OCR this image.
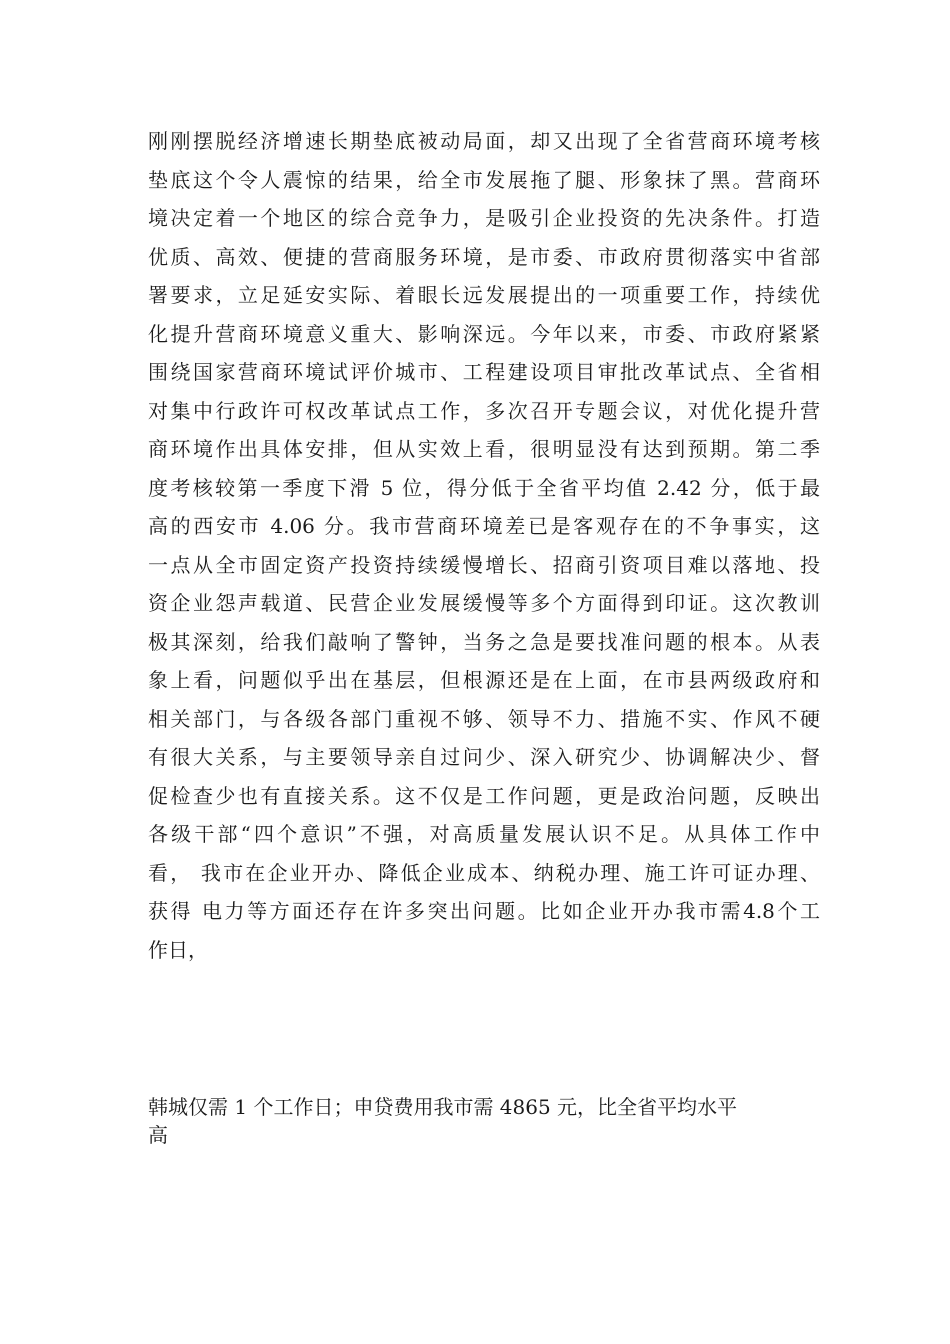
刚刚摆脱经济增速长期垫底被动局面，却又出现了全省营商环境考核
垫底这个令人震惊的结果，给全市发展拖了腿、形象抹了黑。营商环
境决定着一个地区的综合竞争力，是吸引企业投资的先决条件。打造
优质、高效、便捷的营商服务环境，是市委、市政府贯彻落实中省部
署要求，立足延安实际、着眼长远发展提出的一项重要工作，持续优
化提升营商环境意义重大、影响深远。今年以来，市委、市政府紧紧
围绕国家营商环境试评价城市、工程建设项目审批改革试点、全省相
对集中行政许可权改革试点工作，多次召开专题会议，对优化提升营
商环境作出具体安排，但从实效上看，很明显没有达到预期。第二季
度考核较第一季度下滑 5 位，得分低于全省平均值 2.42 分，低于最
高的西安市 4.06 分。我市营商环境差已是客观存在的不争事实，这
一点从全市固定资产投资持续缓慢增长、招商引资项目难以落地、投
资企业怨声载道、民营企业发展缓慢等多个方面得到印证。这次教训
极其深刻，给我们敲响了警钟，当务之急是要找准问题的根本。从表
象上看，问题似乎出在基层，但根源还是在上面，在市县两级政府和
相关部门，与各级各部门重视不够、领导不力、措施不实、作风不硬
有很大关系，与主要领导亲自过问少、深入研究少、协调解决少、督
促检查少也有直接关系。这不仅是工作问题，更是政治问题，反映出
各级干部“四个意识”不强，对高质量发展认识不足。从具体工作中
看， 我市在企业开办、降低企业成本、纳税办理、施工许可证办理、
获得 电力等方面还存在许多突出问题。比如企业开办我市需4.8个工
作日，
韩城仅需 1 个工作日；申贷费用我市需 4865 元，比全省平均水平
高
